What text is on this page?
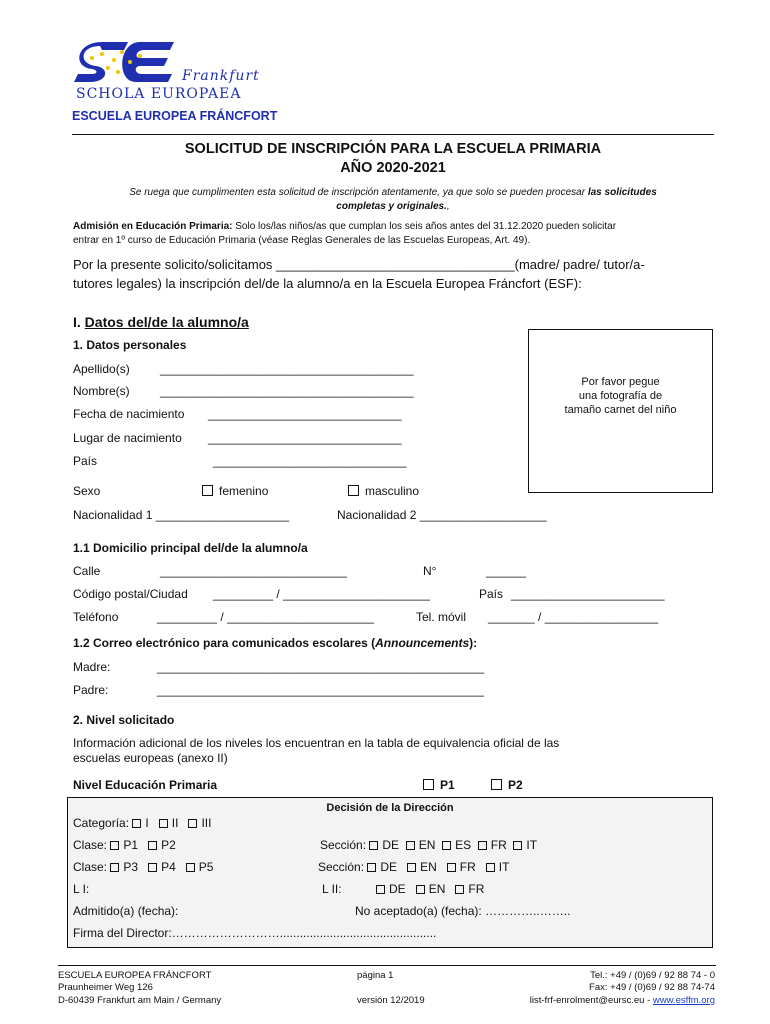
Frankfurt
SCHOLA EUROPAEA
ESCUELA EUROPEA FRÁNCFORT
SOLICITUD DE INSCRIPCIÓN PARA LA ESCUELA PRIMARIA
AÑO 2020-2021
Se ruega que cumplimenten esta solicitud de inscripción atentamente, ya que solo se pueden procesar las solicitudes
completas y originales.,
Admisión en Educación Primaria: Solo los/las niños/as que cumplan los seis años antes del 31.12.2020 pueden solicitar
entrar en 1º curso de Educación Primaria (véase Reglas Generales de las Escuelas Europeas, Art. 49).
Por la presente solicito/solicitamos _________________________________(madre/ padre/ tutor/a-
tutores legales) la inscripción del/de la alumno/a en la Escuela Europea Fráncfort (ESF):
I. Datos del/de la alumno/a
1. Datos personales
Apellido(s)	______________________________________
Nombre(s)	______________________________________
Fecha de nacimiento _____________________________
Lugar de nacimiento _____________________________
País	_____________________________
Por favor pegue
una fotografía de
tamaño carnet del niño
Sexo	femenino	masculino
Nacionalidad 1 ____________________	Nacionalidad 2 ___________________
1.1 Domicilio principal del/de la alumno/a
Calle	____________________________	N°	______
Código postal/Ciudad _________ / ______________________	País _______________________
Teléfono	_________ / ______________________	Tel. móvil _______ / _________________
1.2 Correo electrónico para comunicados escolares (Announcements):
Madre:	_________________________________________________
Padre:	_________________________________________________
2. Nivel solicitado
Información adicional de los niveles los encuentran en la tabla de equivalencia oficial de las
escuelas europeas (anexo II)
Nivel Educación Primaria	P1	P2
Decisión de la Dirección
Categoría: I II III
Clase: P1 P2	Sección: DE EN ES FR IT
Clase: P3 P4 P5	Sección: DE EN FR IT
L I:	L II:	DE EN FR
Admitido(a) (fecha):	No aceptado(a) (fecha): …………..……..
Firma del Director:………………………...............................................
ESCUELA EUROPEA FRÁNCFORT
Praunheimer Weg 126
D-60439 Frankfurt am Main / Germany
página 1
versión 12/2019
Tel.: +49 / (0)69 / 92 88 74 - 0
Fax: +49 / (0)69 / 92 88 74-74
list-frf-enrolment@eursc.eu - www.esffm.org
